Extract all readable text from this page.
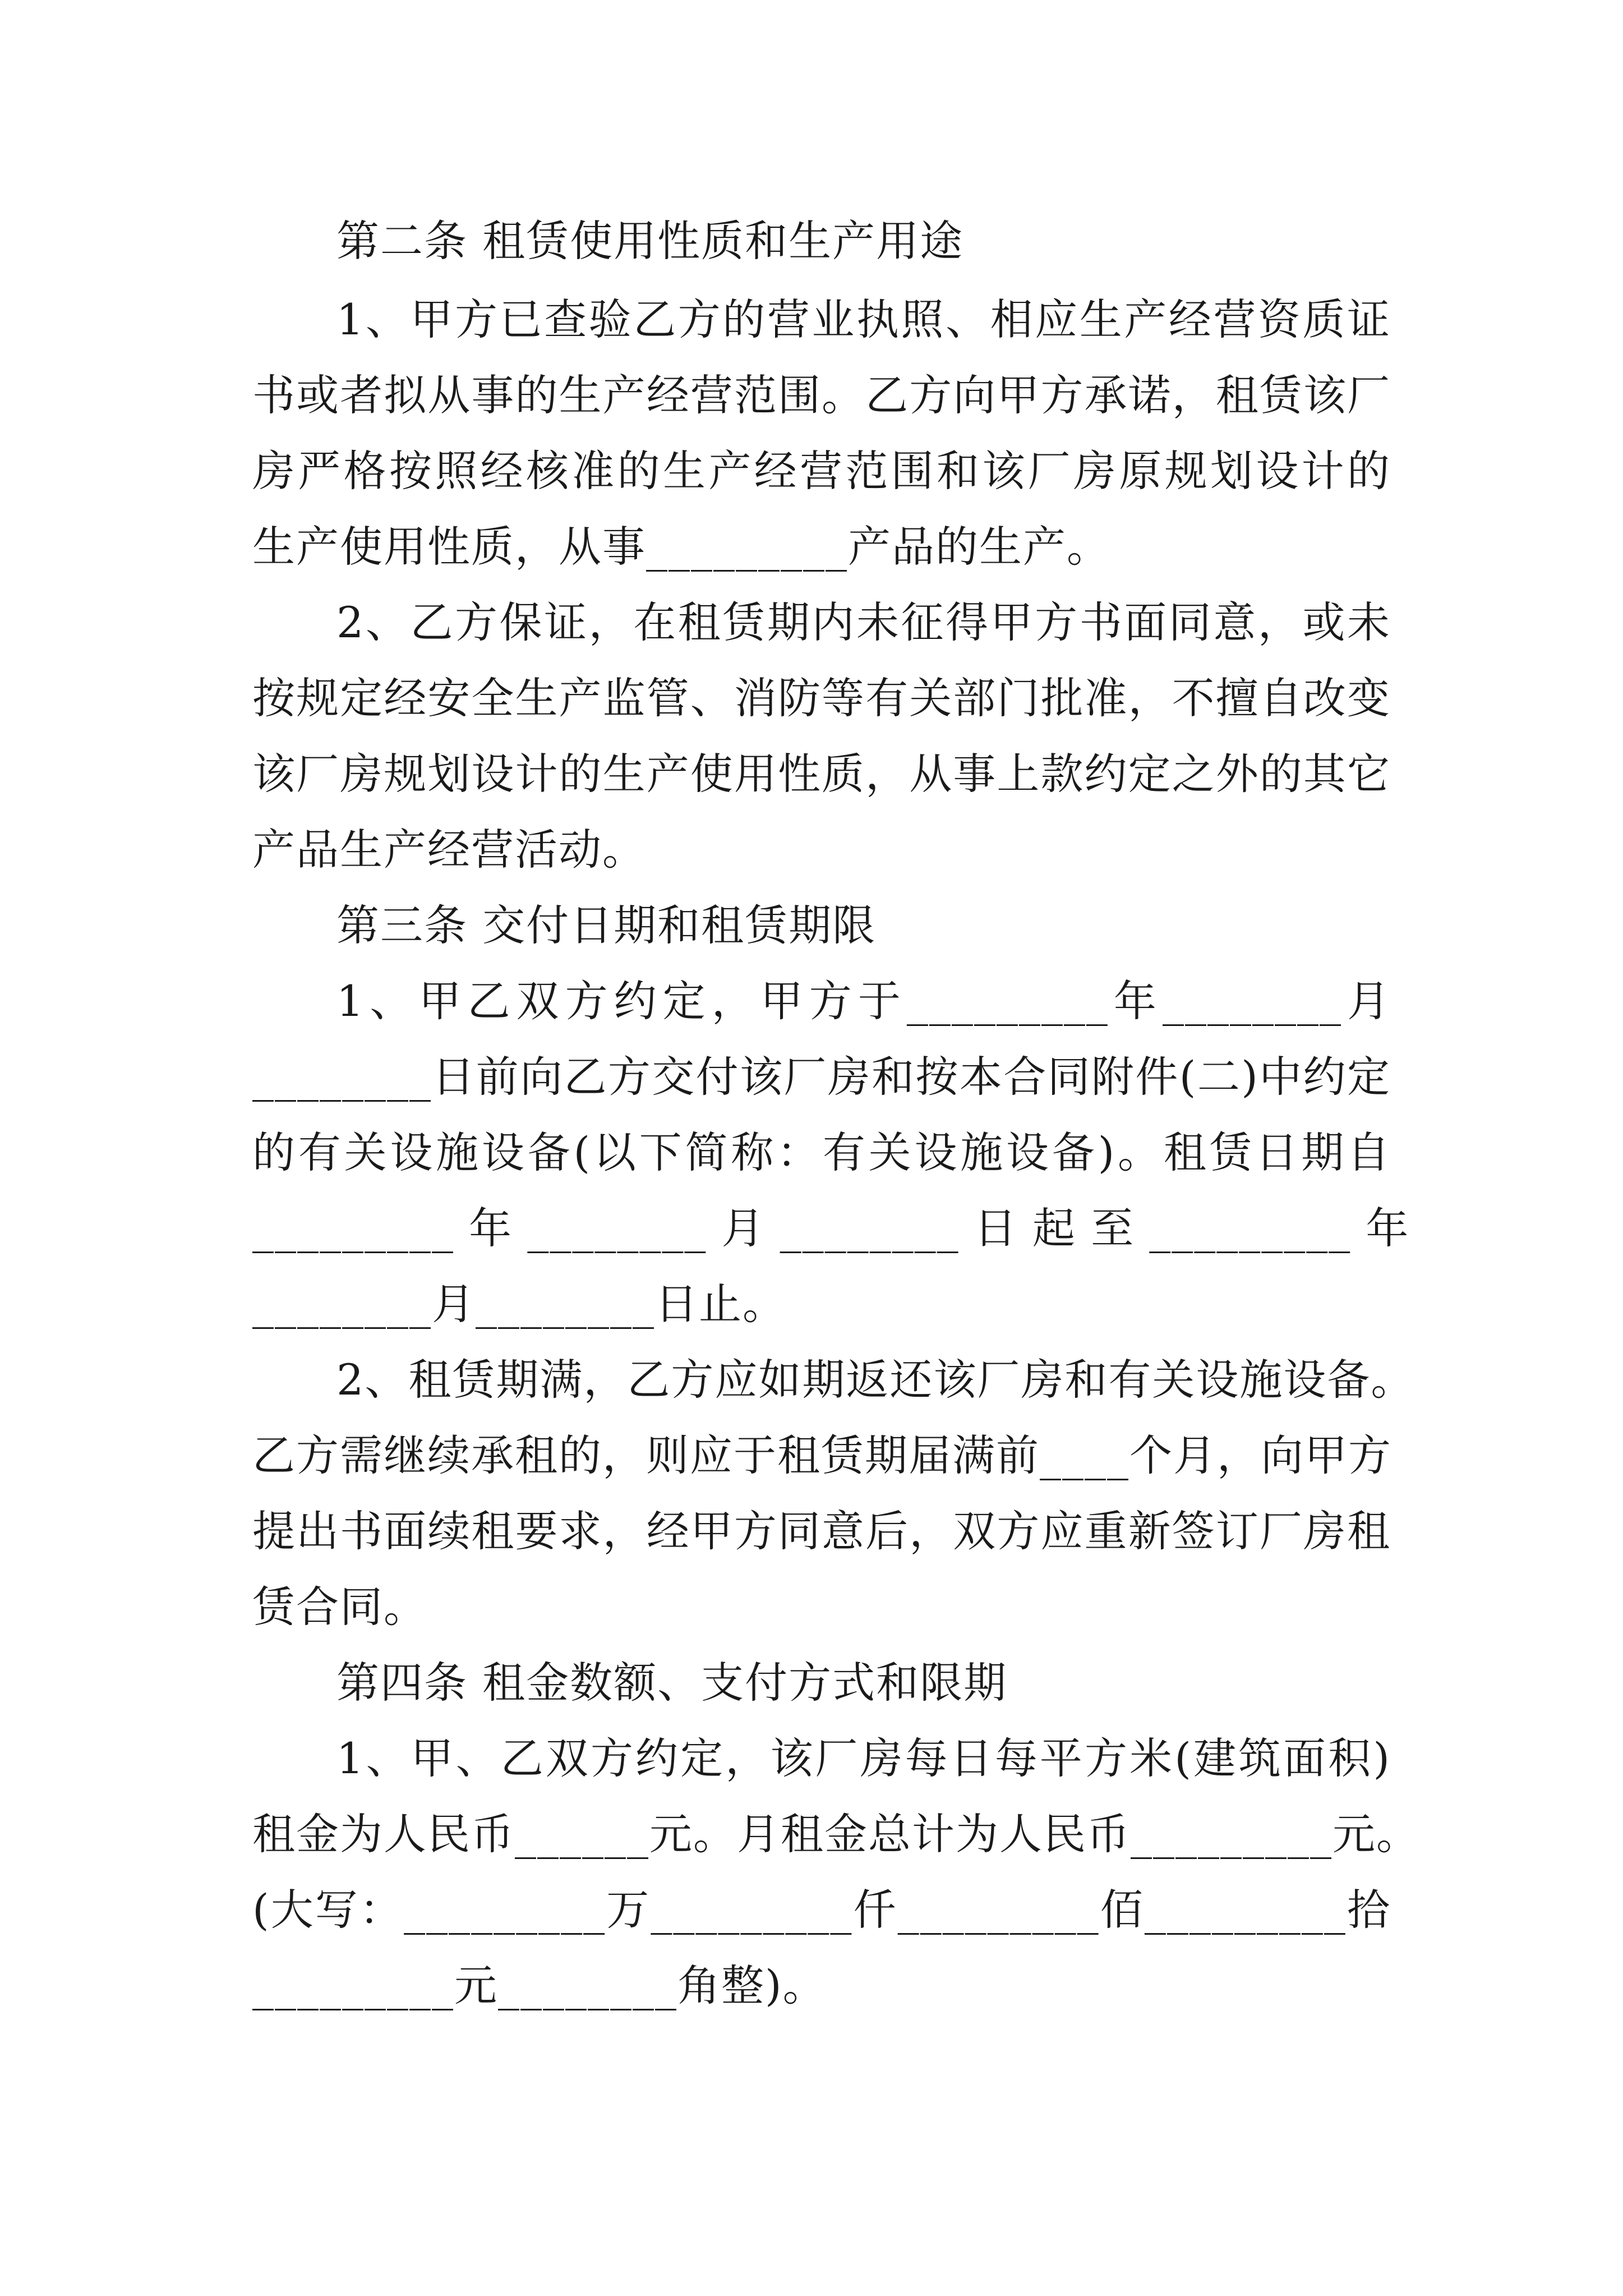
第二条 租赁使用性质和生产用途
1、甲方已查验乙方的营业执照、相应生产经营资质证
书或者拟从事的生产经营范围。乙方向甲方承诺，租赁该厂
房严格按照经核准的生产经营范围和该厂房原规划设计的
生产使用性质，从事_________产品的生产。
2、乙方保证，在租赁期内未征得甲方书面同意，或未
按规定经安全生产监管、消防等有关部门批准，不擅自改变
该厂房规划设计的生产使用性质，从事上款约定之外的其它
产品生产经营活动。
第三条 交付日期和租赁期限
1、甲乙双方约定，甲方于_________年________月
________日前向乙方交付该厂房和按本合同附件(二)中约定
的有关设施设备(以下简称：有关设施设备)。租赁日期自
_________ 年 ________ 月 ________ 日 起 至 _________ 年
________月________日止。
2、租赁期满，乙方应如期返还该厂房和有关设施设备。
乙方需继续承租的，则应于租赁期届满前____个月，向甲方
提出书面续租要求，经甲方同意后，双方应重新签订厂房租
赁合同。
第四条 租金数额、支付方式和限期
1、甲、乙双方约定，该厂房每日每平方米(建筑面积)
租金为人民币______元。月租金总计为人民币_________元。
(大写：_________万_________仟_________佰_________拾
_________元________角整)。
